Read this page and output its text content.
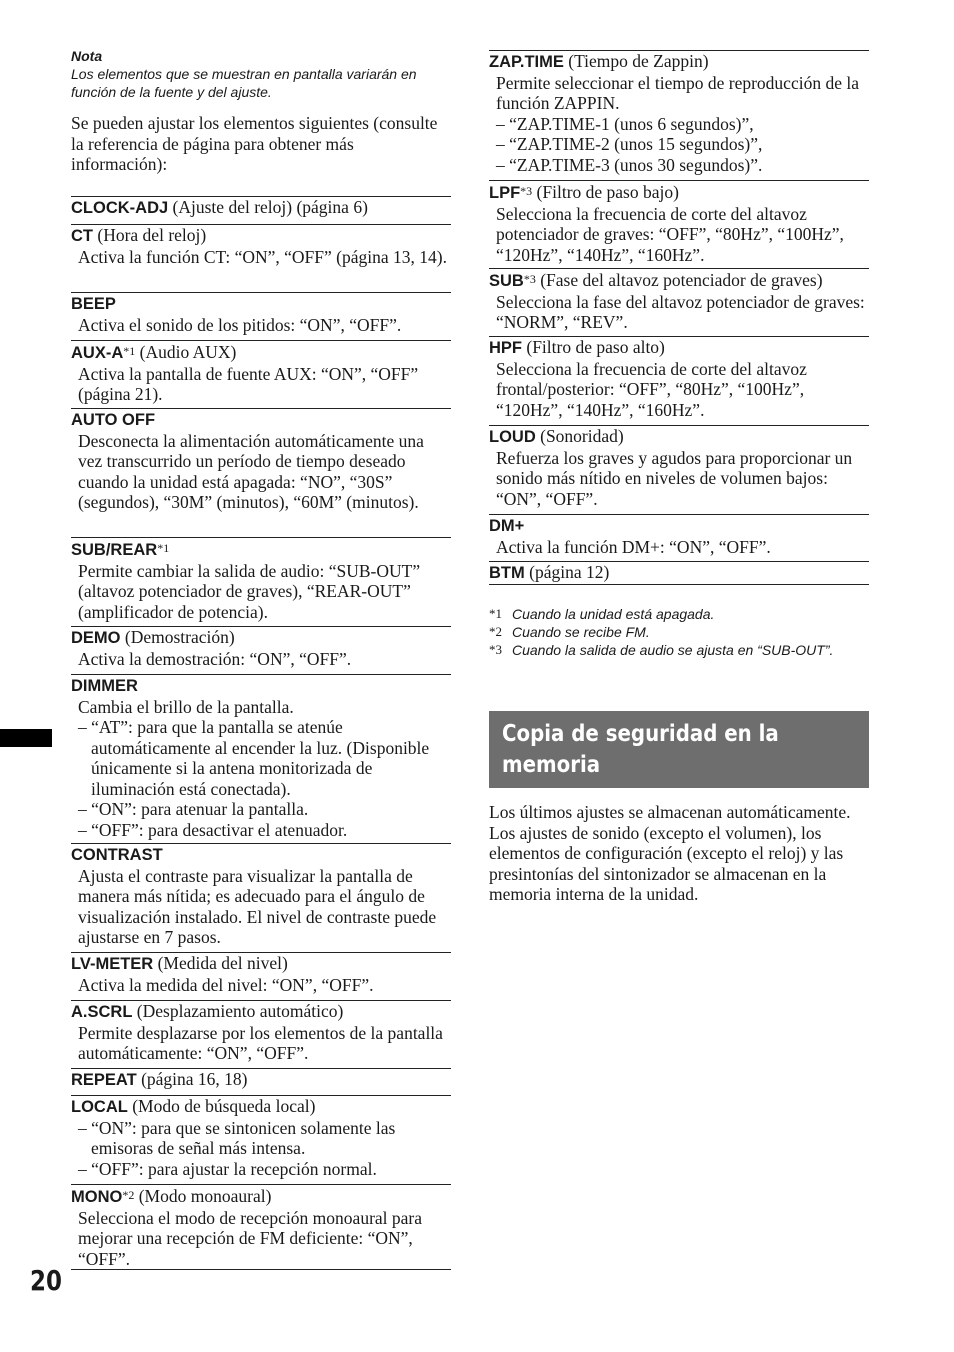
20
Nota
Los elementos que se muestran en pantalla variarán en función de la fuente y del ajuste.
Se pueden ajustar los elementos siguientes (consulte la referencia de página para obtener más información):
CLOCK-ADJ (Ajuste del reloj) (página 6)
CT (Hora del reloj)

Activa la función CT: “ON”, “OFF” (página 13, 14).

BEEP

Activa el sonido de los pitidos: “ON”, “OFF”.

AUX-A*1 (Audio AUX)

Activa la pantalla de fuente AUX: “ON”, “OFF” (página 21).

AUTO OFF

Desconecta la alimentación automáticamente una vez transcurrido un período de tiempo deseado cuando la unidad está apagada: “NO”, “30S” (segundos), “30M” (minutos), “60M” (minutos).

SUB/REAR*1

Permite cambiar la salida de audio: “SUB-OUT” (altavoz potenciador de graves), “REAR-OUT” (amplificador de potencia).

DEMO (Demostración)

Activa la demostración: “ON”, “OFF”.

DIMMER

Cambia el brillo de la pantalla.

– “AT”: para que la pantalla se atenúe automáticamente al encender la luz. (Disponible únicamente si la antena monitorizada de iluminación está conectada).

– “ON”: para atenuar la pantalla.

– “OFF”: para desactivar el atenuador.

CONTRAST

Ajusta el contraste para visualizar la pantalla de manera más nítida; es adecuado para el ángulo de visualización instalado. El nivel de contraste puede ajustarse en 7 pasos.

LV-METER (Medida del nivel)

Activa la medida del nivel: “ON”, “OFF”.

A.SCRL (Desplazamiento automático)

Permite desplazarse por los elementos de la pantalla automáticamente: “ON”, “OFF”.

REPEAT (página 16, 18)
LOCAL (Modo de búsqueda local)

– “ON”: para que se sintonicen solamente las emisoras de señal más intensa.

– “OFF”: para ajustar la recepción normal.

MONO*2 (Modo monoaural)

Selecciona el modo de recepción monoaural para mejorar una recepción de FM deficiente: “ON”, “OFF”.

ZAP.TIME (Tiempo de Zappin)

Permite seleccionar el tiempo de reproducción de la función ZAPPIN.

– “ZAP.TIME-1 (unos 6 segundos)”,

– “ZAP.TIME-2 (unos 15 segundos)”,

– “ZAP.TIME-3 (unos 30 segundos)”.

LPF*3 (Filtro de paso bajo)

Selecciona la frecuencia de corte del altavoz potenciador de graves: “OFF”, “80Hz”, “100Hz”, “120Hz”, “140Hz”, “160Hz”.

SUB*3 (Fase del altavoz potenciador de graves)

Selecciona la fase del altavoz potenciador de graves: “NORM”, “REV”.

HPF (Filtro de paso alto)

Selecciona la frecuencia de corte del altavoz frontal/posterior: “OFF”, “80Hz”, “100Hz”, “120Hz”, “140Hz”, “160Hz”.

LOUD (Sonoridad)

Refuerza los graves y agudos para proporcionar un sonido más nítido en niveles de volumen bajos: “ON”, “OFF”.

DM+

Activa la función DM+: “ON”, “OFF”.

BTM (página 12)
*1 Cuando la unidad está apagada.
*2 Cuando se recibe FM.
*3 Cuando la salida de audio se ajusta en “SUB-OUT”.
Copia de seguridad en la memoria

Los últimos ajustes se almacenan automáticamente.

Los ajustes de sonido (excepto el volumen), los elementos de configuración (excepto el reloj) y las presintonías del sintonizador se almacenan en la memoria interna de la unidad.
